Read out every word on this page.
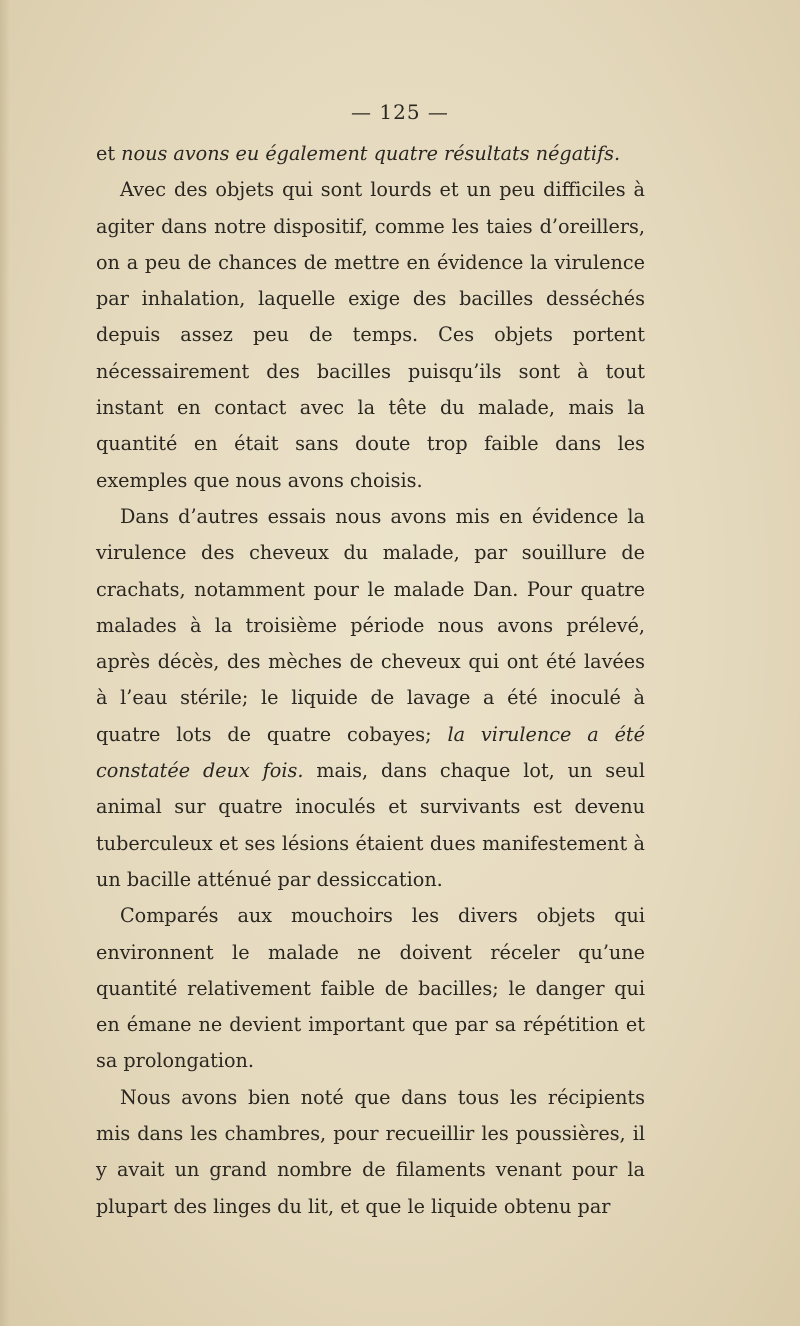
— 125 —

et nous avons eu également quatre résultats négatifs.

Avec des objets qui sont lourds et un peu difficiles à agiter dans notre dispositif, comme les taies d’oreillers, on a peu de chances de mettre en évidence la virulence par inhalation, laquelle exige des bacilles desséchés depuis assez peu de temps. Ces objets portent nécessairement des bacilles puisqu’ils sont à tout instant en contact avec la tête du malade, mais la quantité en était sans doute trop faible dans les exemples que nous avons choisis.

Dans d’autres essais nous avons mis en évidence la virulence des cheveux du malade, par souillure de crachats, notamment pour le malade Dan. Pour quatre malades à la troisième période nous avons prélevé, après décès, des mèches de cheveux qui ont été lavées à l’eau stérile; le liquide de lavage a été inoculé à quatre lots de quatre cobayes; la virulence a été constatée deux fois. mais, dans chaque lot, un seul animal sur quatre inoculés et survivants est devenu tuberculeux et ses lésions étaient dues manifestement à un bacille atténué par dessiccation.

Comparés aux mouchoirs les divers objets qui environnent le malade ne doivent réceler qu’une quantité relativement faible de bacilles; le danger qui en émane ne devient important que par sa répétition et sa prolongation.

Nous avons bien noté que dans tous les récipients mis dans les chambres, pour recueillir les poussières, il y avait un grand nombre de filaments venant pour la plupart des linges du lit, et que le liquide obtenu par
